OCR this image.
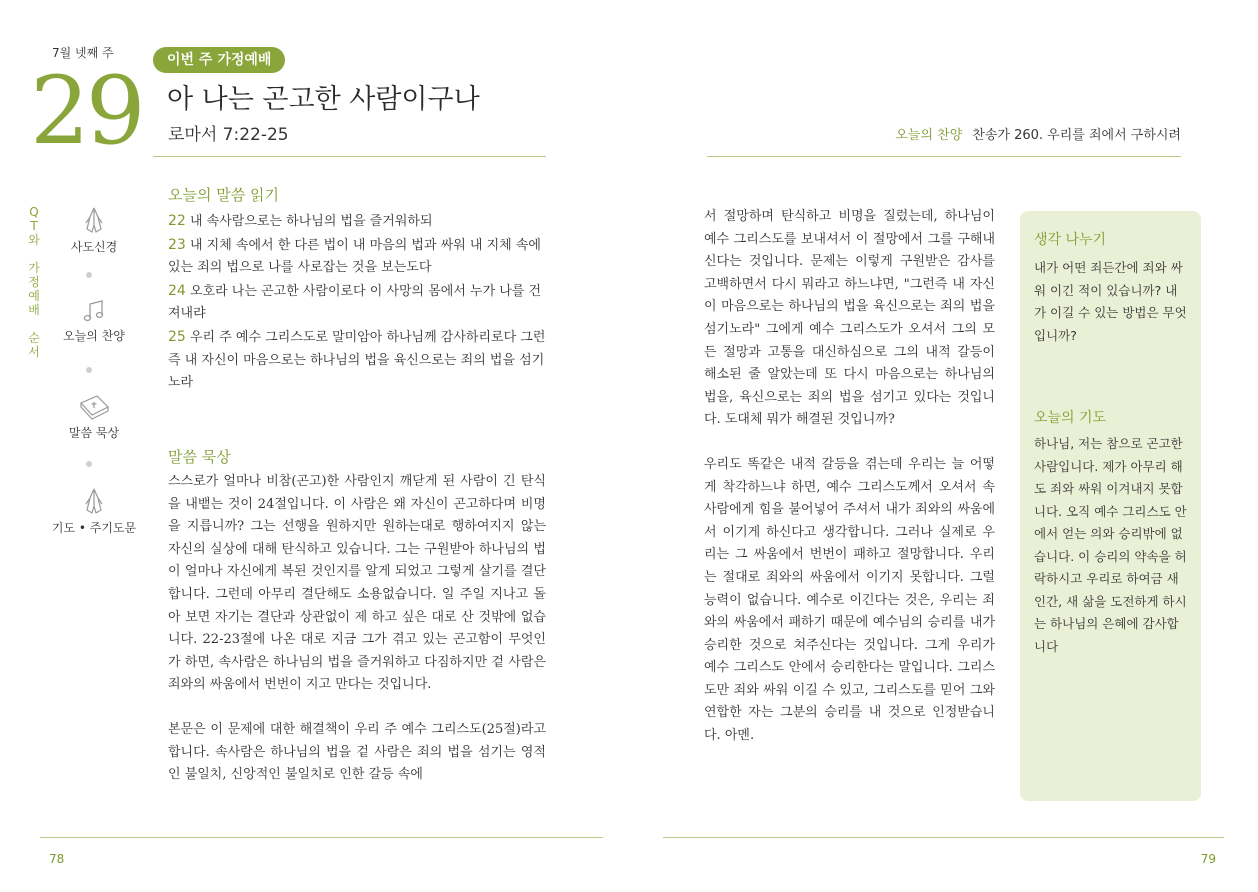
7월 넷째 주
29	이번 주 가정예배
아 나는 곤고한 사람이구나
로마서 7:22-25	오늘의 찬양 찬송가 260. 우리를 죄에서 구하시려
Q
T
와
가
정
예
배
순
서
사도신경
오늘의 찬양
말씀 묵상
기도 • 주기도문
오늘의 말씀 읽기
22 내 속사람으로는 하나님의 법을 즐거워하되
23 내 지체 속에서 한 다른 법이 내 마음의 법과 싸워 내 지체 속에 있는 죄의 법으로 나를 사로잡는 것을 보는도다
24 오호라 나는 곤고한 사람이로다 이 사망의 몸에서 누가 나를 건져내랴
25 우리 주 예수 그리스도로 말미암아 하나님께 감사하리로다 그런즉 내 자신이 마음으로는 하나님의 법을 육신으로는 죄의 법을 섬기노라
말씀 묵상

스스로가 얼마나 비참(곤고)한 사람인지 깨닫게 된 사람이 긴 탄식을 내뱉는 것이 24절입니다. 이 사람은 왜 자신이 곤고하다며 비명을 지릅니까? 그는 선행을 원하지만 원하는대로 행하여지지 않는 자신의 실상에 대해 탄식하고 있습니다. 그는 구원받아 하나님의 법이 얼마나 자신에게 복된 것인지를 알게 되었고 그렇게 살기를 결단합니다. 그런데 아무리 결단해도 소용없습니다. 일 주일 지나고 돌아 보면 자기는 결단과 상관없이 제 하고 싶은 대로 산 것밖에 없습니다. 22-23절에 나온 대로 지금 그가 겪고 있는 곤고함이 무엇인가 하면, 속사람은 하나님의 법을 즐거워하고 다짐하지만 겉 사람은 죄와의 싸움에서 번번이 지고 만다는 것입니다.

본문은 이 문제에 대한 해결책이 우리 주 예수 그리스도(25절)라고 합니다. 속사람은 하나님의 법을 겉 사람은 죄의 법을 섬기는 영적인 불일치, 신앙적인 불일치로 인한 갈등 속에

서 절망하며 탄식하고 비명을 질렀는데, 하나님이 예수 그리스도를 보내셔서 이 절망에서 그를 구해내신다는 것입니다. 문제는 이렇게 구원받은 감사를 고백하면서 다시 뭐라고 하느냐면, "그런즉 내 자신이 마음으로는 하나님의 법을 육신으로는 죄의 법을 섬기노라" 그에게 예수 그리스도가 오셔서 그의 모든 절망과 고통을 대신하심으로 그의 내적 갈등이 해소된 줄 알았는데 또 다시 마음으로는 하나님의 법을, 육신으로는 죄의 법을 섬기고 있다는 것입니다. 도대체 뭐가 해결된 것입니까?

우리도 똑같은 내적 갈등을 겪는데 우리는 늘 어떻게 착각하느냐 하면, 예수 그리스도께서 오셔서 속사람에게 힘을 불어넣어 주셔서 내가 죄와의 싸움에서 이기게 하신다고 생각합니다. 그러나 실제로 우리는 그 싸움에서 번번이 패하고 절망합니다. 우리는 절대로 죄와의 싸움에서 이기지 못합니다. 그럴 능력이 없습니다. 예수로 이긴다는 것은, 우리는 죄와의 싸움에서 패하기 때문에 예수님의 승리를 내가 승리한 것으로 쳐주신다는 것입니다. 그게 우리가 예수 그리스도 안에서 승리한다는 말입니다. 그리스도만 죄와 싸워 이길 수 있고, 그리스도를 믿어 그와 연합한 자는 그분의 승리를 내 것으로 인정받습니다. 아멘.

생각 나누기
내가 어떤 죄든간에 죄와 싸워 이긴 적이 있습니까? 내가 이길 수 있는 방법은 무엇입니까?
오늘의 기도
하나님, 저는 참으로 곤고한 사람입니다. 제가 아무리 해도 죄와 싸워 이겨내지 못합니다. 오직 예수 그리스도 안에서 얻는 의와 승리밖에 없습니다. 이 승리의 약속을 허락하시고 우리로 하여금 새 인간, 새 삶을 도전하게 하시는 하나님의 은혜에 감사합니다
78	79
